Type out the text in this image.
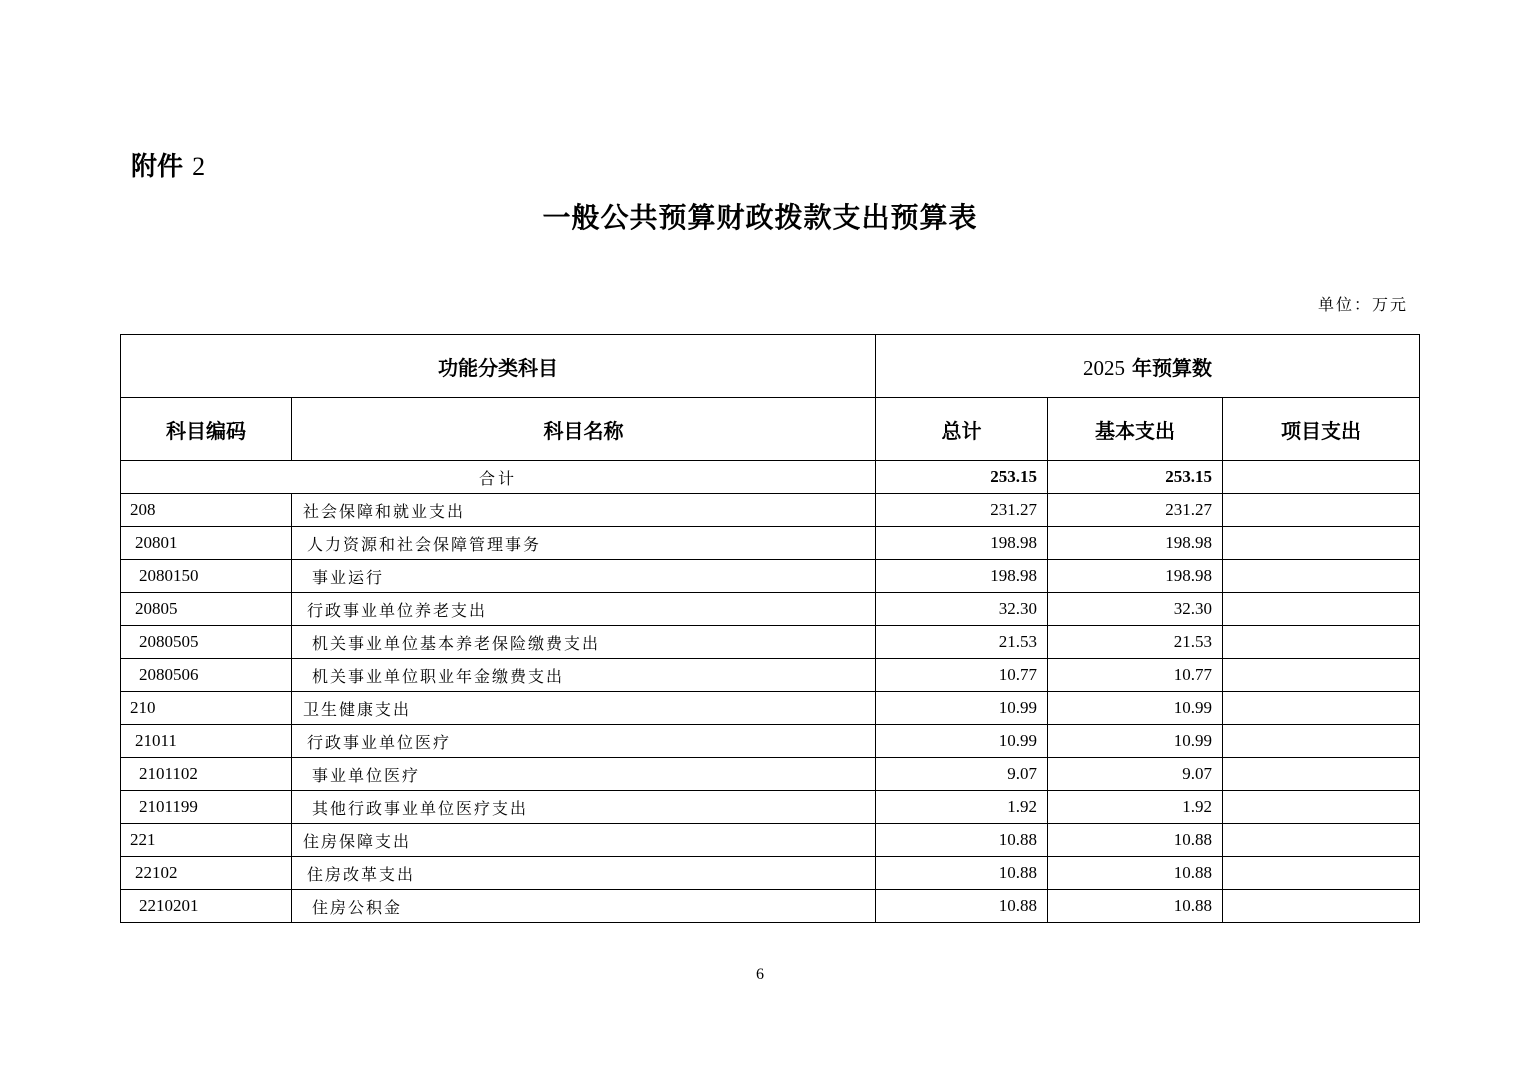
附件 2
一般公共预算财政拨款支出预算表
单位：万元
功能分类科目		2025 年预算数		
科目编码	科目名称	总计	基本支出	项目支出
合计		253.15	253.15	
208	社会保障和就业支出	231.27	231.27	
20801	人力资源和社会保障管理事务	198.98	198.98	
2080150	事业运行	198.98	198.98	
20805	行政事业单位养老支出	32.30	32.30	
2080505	机关事业单位基本养老保险缴费支出	21.53	21.53	
2080506	机关事业单位职业年金缴费支出	10.77	10.77	
210	卫生健康支出	10.99	10.99	
21011	行政事业单位医疗	10.99	10.99	
2101102	事业单位医疗	9.07	9.07	
2101199	其他行政事业单位医疗支出	1.92	1.92	
221	住房保障支出	10.88	10.88	
22102	住房改革支出	10.88	10.88	
2210201	住房公积金	10.88	10.88	
6
